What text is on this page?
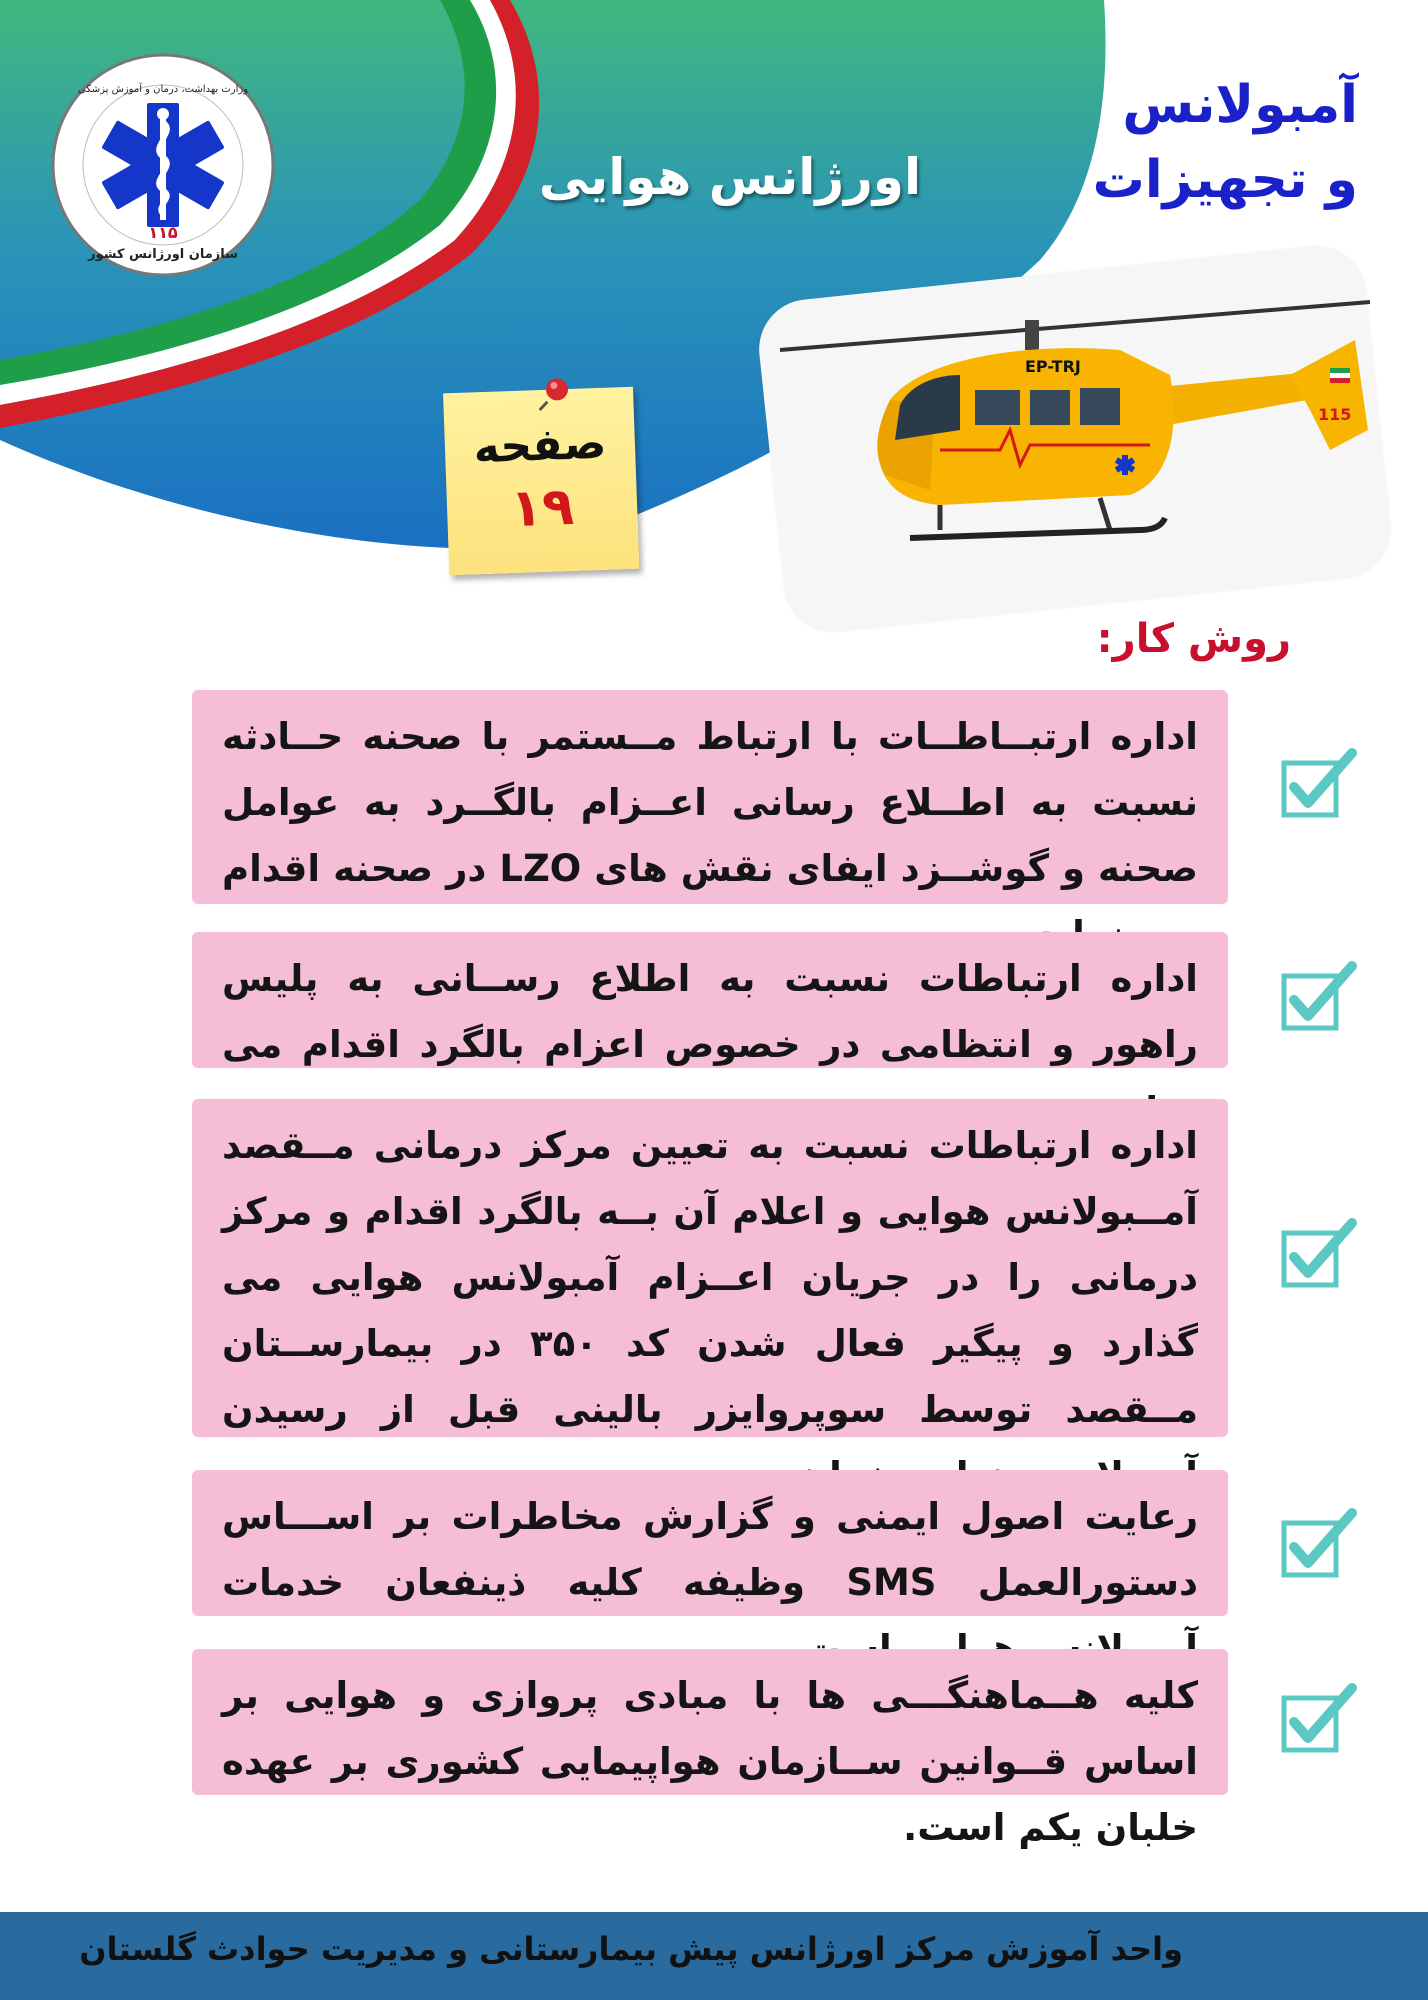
۱۱۵
وزارت بهداشت، درمان و آموزش پزشکی
سازمان اورژانس کشور
اورژانس هوایی
آمبولانس
و تجهیزات
صفحه
۱۹
115
EP-TRJ
روش کار:

اداره ارتبــاطــات با ارتباط مــستمر با صحنه حــادثه نسبت به اطــلاع رسانی اعــزام بالگــرد به عوامل صحنه و گوشــزد ایفای نقش های LZO در صحنه اقدام

اداره ارتباطات نسبت به اطلاع رســانی به پلیس راهور و انتظامی در خصوص اعزام بالگرد اقدام می

اداره ارتباطات نسبت به تعیین مرکز درمانی مــقصد آمــبولانس هوایی و اعلام آن بــه بالگرد اقدام و مرکز درمانی را در جریان اعــزام آمبولانس هوایی می گذارد و پیگیر فعال شدن کد ۳۵۰ در بیمارســتان مــقصد توسط سوپروایزر بالینی قبل از رسیدن

رعایت اصول ایمنی و گزارش مخاطرات بر اســـاس دستورالعمل SMS وظیفه کلیه ذینفعان خدمات

کلیه هــماهنگـــی ها با مبادی پروازی و هوایی بر اساس قــوانین ســازمان هواپیمایی کشوری بر عهده خلبان یکم است.

واحد آموزش مرکز اورژانس پیش بیمارستانی و مدیریت حوادث گلستان
